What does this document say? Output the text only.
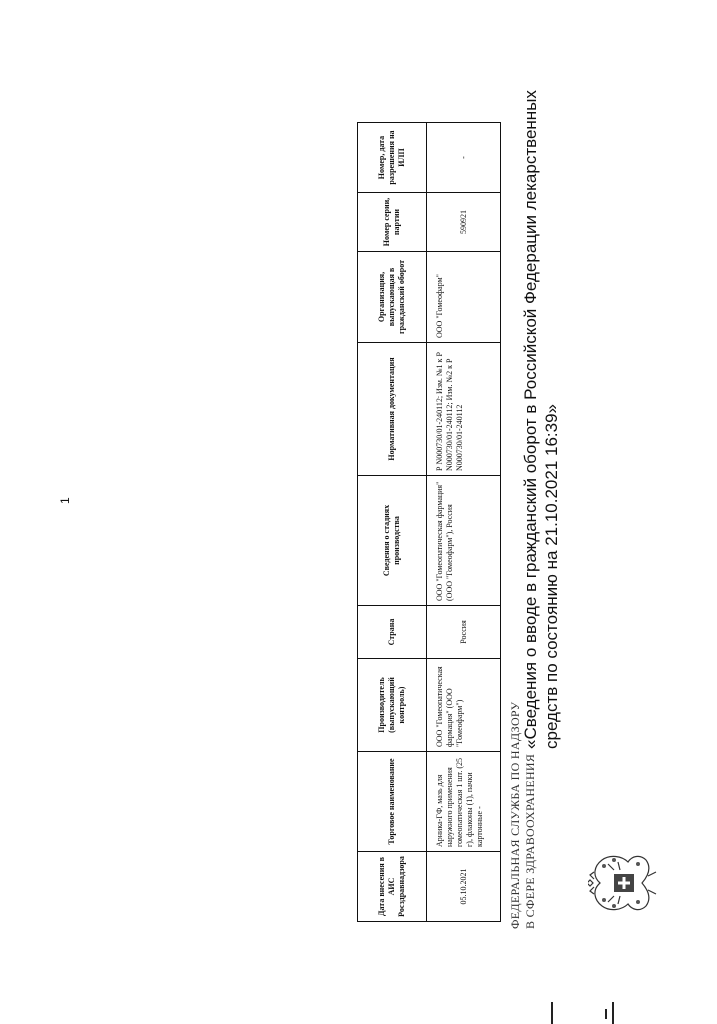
ФЕДЕРАЛЬНАЯ СЛУЖБА ПО НАДЗОРУ В СФЕРЕ ЗДРАВООХРАНЕНИЯ
«Сведения о вводе в гражданский оборот в Российской Федерации лекарственных средств по состоянию на 21.10.2021 16:39»
Дата внесения в АИС Росздравнадзора	Торговое наименование	Производитель (выпускающий контроль)	Страна	Сведения о стадиях производства	Нормативная документация	Организация, выпускающая в гражданский оборот	Номер серии, партии	Номер, дата разрешения на ИЛП
05.10.2021	Арника-ГФ, мазь для наружного применения гомеопатическая 1 шт. (25 г), флаконы (1), пачки картонные -	ООО "Гомеопатическая фармация" (ООО "Гомеофарм")	Россия	ООО "Гомеопатическая фармация" (ООО "Гомеофарм"), Россия	Р N000730/01-240112; Изм. №1 к Р N000730/01-240112; Изм. №2 к Р N000730/01-240112	ООО "Гомеофарм"	590921	-
1
